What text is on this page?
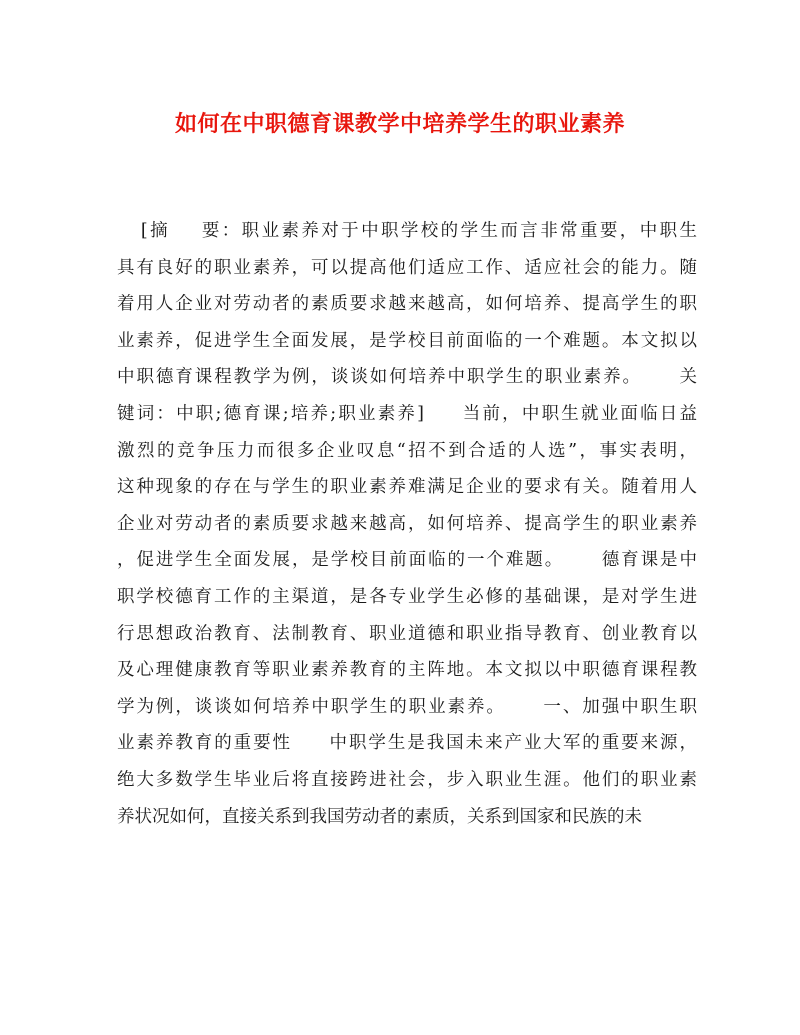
如何在中职德育课教学中培养学生的职业素养
[摘    要：职业素养对于中职学校的学生而言非常重要，中职生
具有良好的职业素养，可以提高他们适应工作、适应社会的能力。随
着用人企业对劳动者的素质要求越来越高，如何培养、提高学生的职
业素养，促进学生全面发展，是学校目前面临的一个难题。本文拟以
中职德育课程教学为例，谈谈如何培养中职学生的职业素养。     关
键词：中职;德育课;培养;职业素养]     当前，中职生就业面临日益
激烈的竞争压力而很多企业叹息“招不到合适的人选”，事实表明，
这种现象的存在与学生的职业素养难满足企业的要求有关。随着用人
企业对劳动者的素质要求越来越高，如何培养、提高学生的职业素养
，促进学生全面发展，是学校目前面临的一个难题。     德育课是中
职学校德育工作的主渠道，是各专业学生必修的基础课，是对学生进
行思想政治教育、法制教育、职业道德和职业指导教育、创业教育以
及心理健康教育等职业素养教育的主阵地。本文拟以中职德育课程教
学为例，谈谈如何培养中职学生的职业素养。     一、加强中职生职
业素养教育的重要性     中职学生是我国未来产业大军的重要来源，
绝大多数学生毕业后将直接跨进社会，步入职业生涯。他们的职业素
养状况如何，直接关系到我国劳动者的素质，关系到国家和民族的未
